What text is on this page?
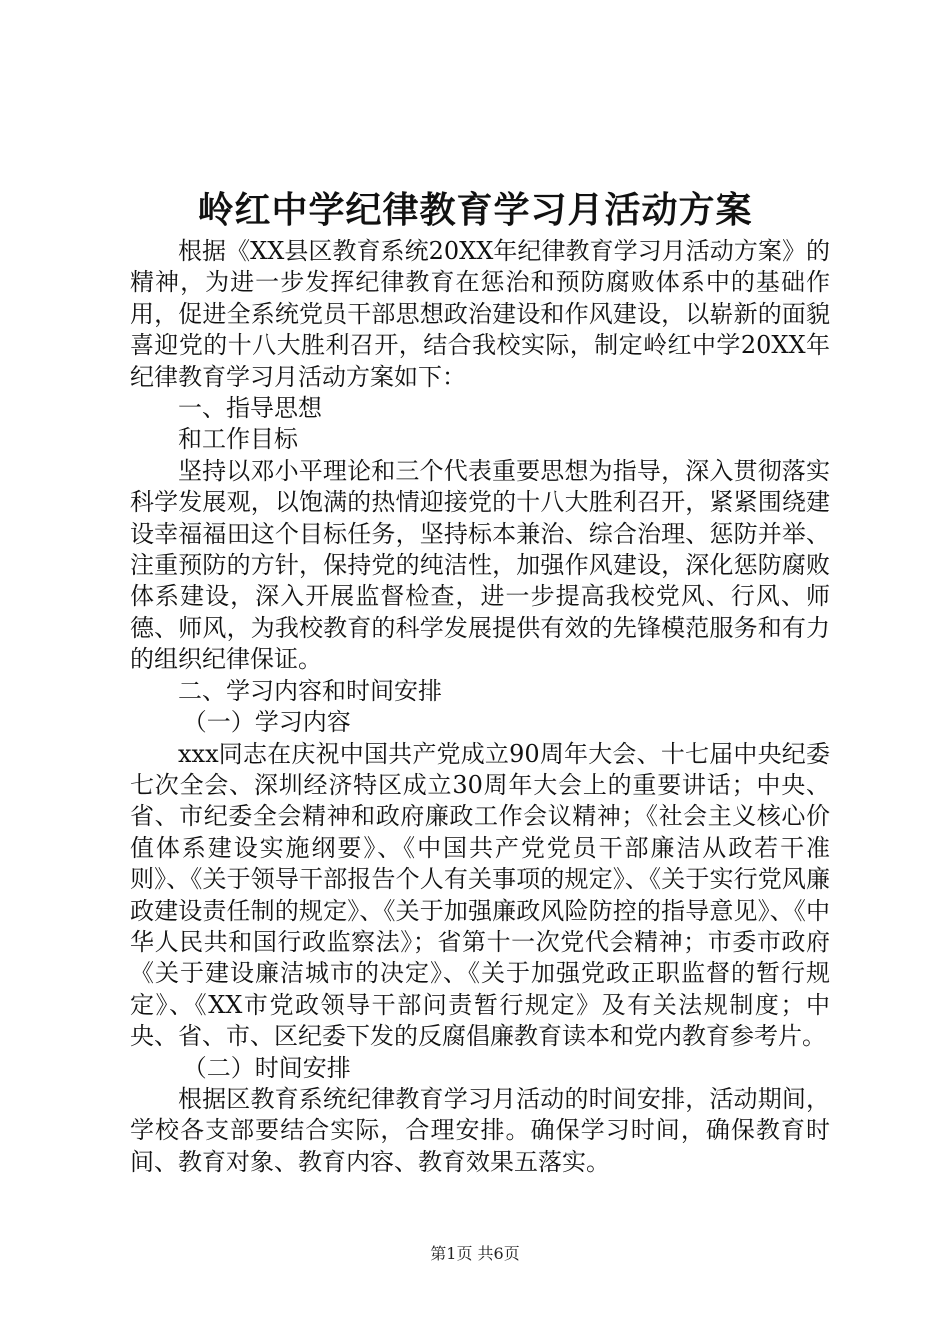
岭红中学纪律教育学习月活动方案

根据《XX县区教育系统20XX年纪律教育学习月活动方案》的精神，为进一步发挥纪律教育在惩治和预防腐败体系中的基础作用，促进全系统党员干部思想政治建设和作风建设，以崭新的面貌喜迎党的十八大胜利召开，结合我校实际，制定岭红中学20XX年纪律教育学习月活动方案如下：

一、指导思想

和工作目标

坚持以邓小平理论和三个代表重要思想为指导，深入贯彻落实科学发展观，以饱满的热情迎接党的十八大胜利召开，紧紧围绕建设幸福福田这个目标任务，坚持标本兼治、综合治理、惩防并举、注重预防的方针，保持党的纯洁性，加强作风建设，深化惩防腐败体系建设，深入开展监督检查，进一步提高我校党风、行风、师德、师风，为我校教育的科学发展提供有效的先锋模范服务和有力的组织纪律保证。

二、学习内容和时间安排

（一）学习内容

xxx同志在庆祝中国共产党成立90周年大会、十七届中央纪委七次全会、深圳经济特区成立30周年大会上的重要讲话；中央、省、市纪委全会精神和政府廉政工作会议精神；《社会主义核心价值体系建设实施纲要》、《中国共产党党员干部廉洁从政若干准则》、《关于领导干部报告个人有关事项的规定》、《关于实行党风廉政建设责任制的规定》、《关于加强廉政风险防控的指导意见》、《中华人民共和国行政监察法》；省第十一次党代会精神；市委市政府《关于建设廉洁城市的决定》、《关于加强党政正职监督的暂行规定》、《XX市党政领导干部问责暂行规定》及有关法规制度；中央、省、市、区纪委下发的反腐倡廉教育读本和党内教育参考片。

（二）时间安排

根据区教育系统纪律教育学习月活动的时间安排，活动期间，学校各支部要结合实际，合理安排。确保学习时间，确保教育时间、教育对象、教育内容、教育效果五落实。

第1页 共6页
